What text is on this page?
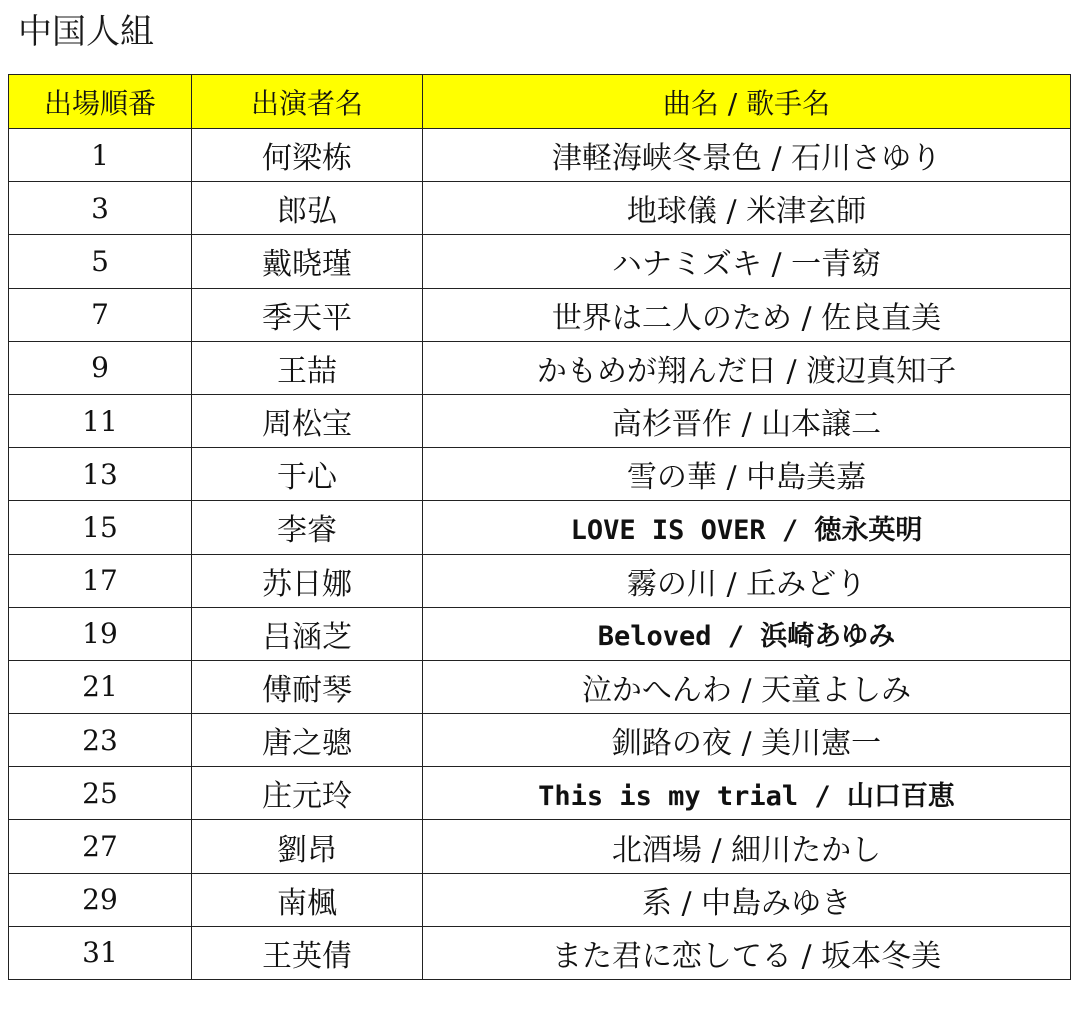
中国人組
出場順番	出演者名	曲名 / 歌手名
1	何梁栋	津軽海峡冬景色 / 石川さゆり
3	郎弘	地球儀 / 米津玄師
5	戴晓瑾	ハナミズキ / 一青窈
7	季天平	世界は二人のため / 佐良直美
9	王喆	かもめが翔んだ日 / 渡辺真知子
11	周松宝	高杉晋作 / 山本譲二
13	于心	雪の華 / 中島美嘉
15	李睿	LOVE IS OVER / 徳永英明
17	苏日娜	霧の川 / 丘みどり
19	吕涵芝	Beloved / 浜崎あゆみ
21	傅耐琴	泣かへんわ / 天童よしみ
23	唐之骢	釧路の夜 / 美川憲一
25	庄元玲	This is my trial / 山口百恵
27	劉昂	北酒場 / 細川たかし
29	南楓	系 / 中島みゆき
31	王英倩	また君に恋してる / 坂本冬美
